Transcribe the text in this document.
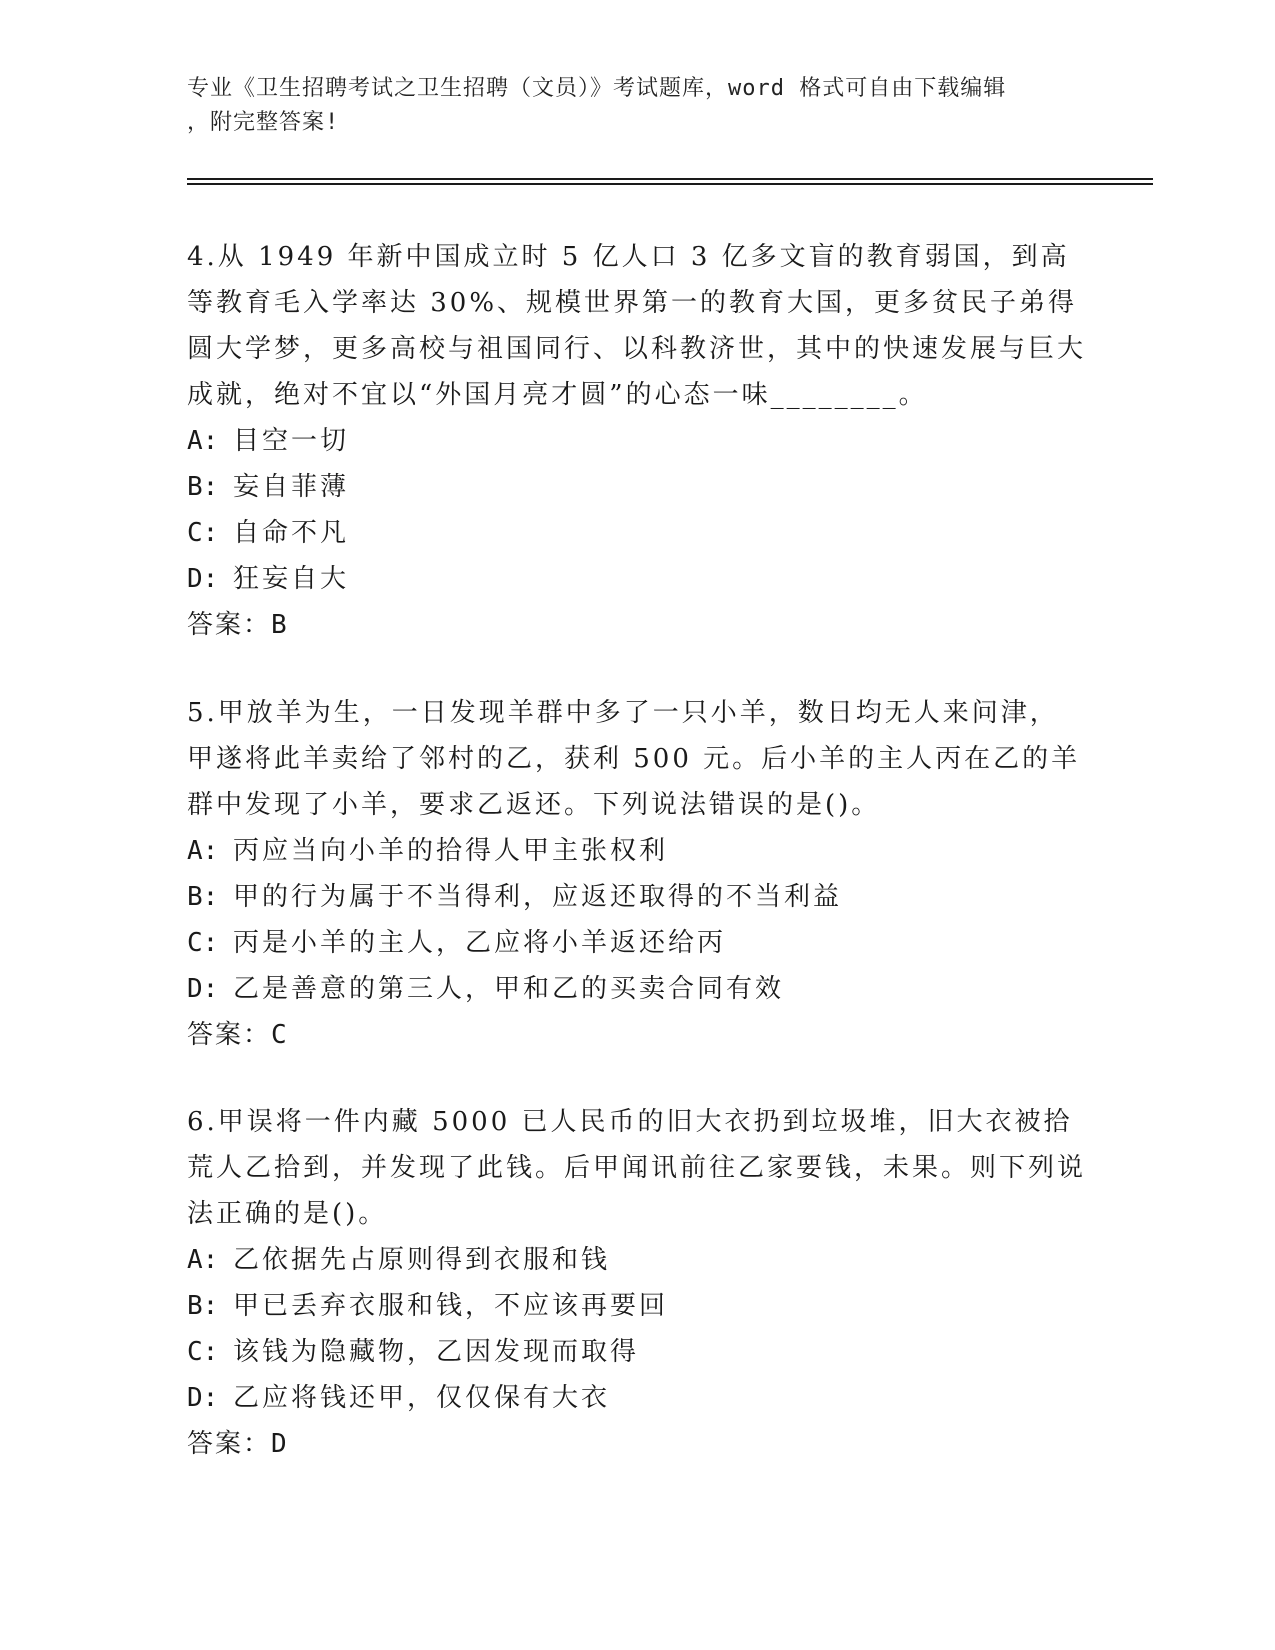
专业《卫生招聘考试之卫生招聘（文员）》考试题库，word 格式可自由下载编辑
，附完整答案!

4.从 1949 年新中国成立时 5 亿人口 3 亿多文盲的教育弱国，到高等教育毛入学率达 30%、规模世界第一的教育大国，更多贫民子弟得圆大学梦，更多高校与祖国同行、以科教济世，其中的快速发展与巨大成就，绝对不宜以“外国月亮才圆”的心态一味________。

A: 目空一切

B: 妄自菲薄

C: 自命不凡

D: 狂妄自大

答案：B

5.甲放羊为生，一日发现羊群中多了一只小羊，数日均无人来问津，甲遂将此羊卖给了邻村的乙，获利 500 元。后小羊的主人丙在乙的羊群中发现了小羊，要求乙返还。下列说法错误的是()。

A: 丙应当向小羊的拾得人甲主张权利

B: 甲的行为属于不当得利，应返还取得的不当利益

C: 丙是小羊的主人，乙应将小羊返还给丙

D: 乙是善意的第三人，甲和乙的买卖合同有效

答案：C

6.甲误将一件内藏 5000 已人民币的旧大衣扔到垃圾堆，旧大衣被拾荒人乙拾到，并发现了此钱。后甲闻讯前往乙家要钱，未果。则下列说法正确的是()。

A: 乙依据先占原则得到衣服和钱

B: 甲已丢弃衣服和钱，不应该再要回

C: 该钱为隐藏物，乙因发现而取得

D: 乙应将钱还甲，仅仅保有大衣

答案：D
